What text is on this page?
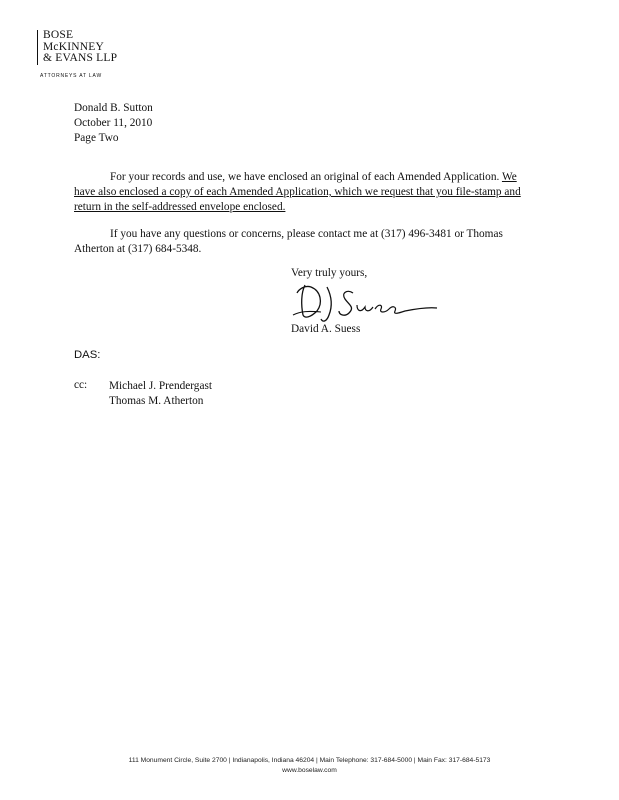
BOSE
McKINNEY
& EVANS LLP
ATTORNEYS AT LAW
Donald B. Sutton
October 11, 2010
Page Two
For your records and use, we have enclosed an original of each Amended Application. We have also enclosed a copy of each Amended Application, which we request that you file-stamp and return in the self-addressed envelope enclosed.
If you have any questions or concerns, please contact me at (317) 496-3481 or Thomas Atherton at (317) 684-5348.
Very truly yours,
David A. Suess
DAS:
cc: Michael J. Prendergast
Thomas M. Atherton
111 Monument Circle, Suite 2700 | Indianapolis, Indiana 46204 | Main Telephone: 317-684-5000 | Main Fax: 317-684-5173
www.boselaw.com
